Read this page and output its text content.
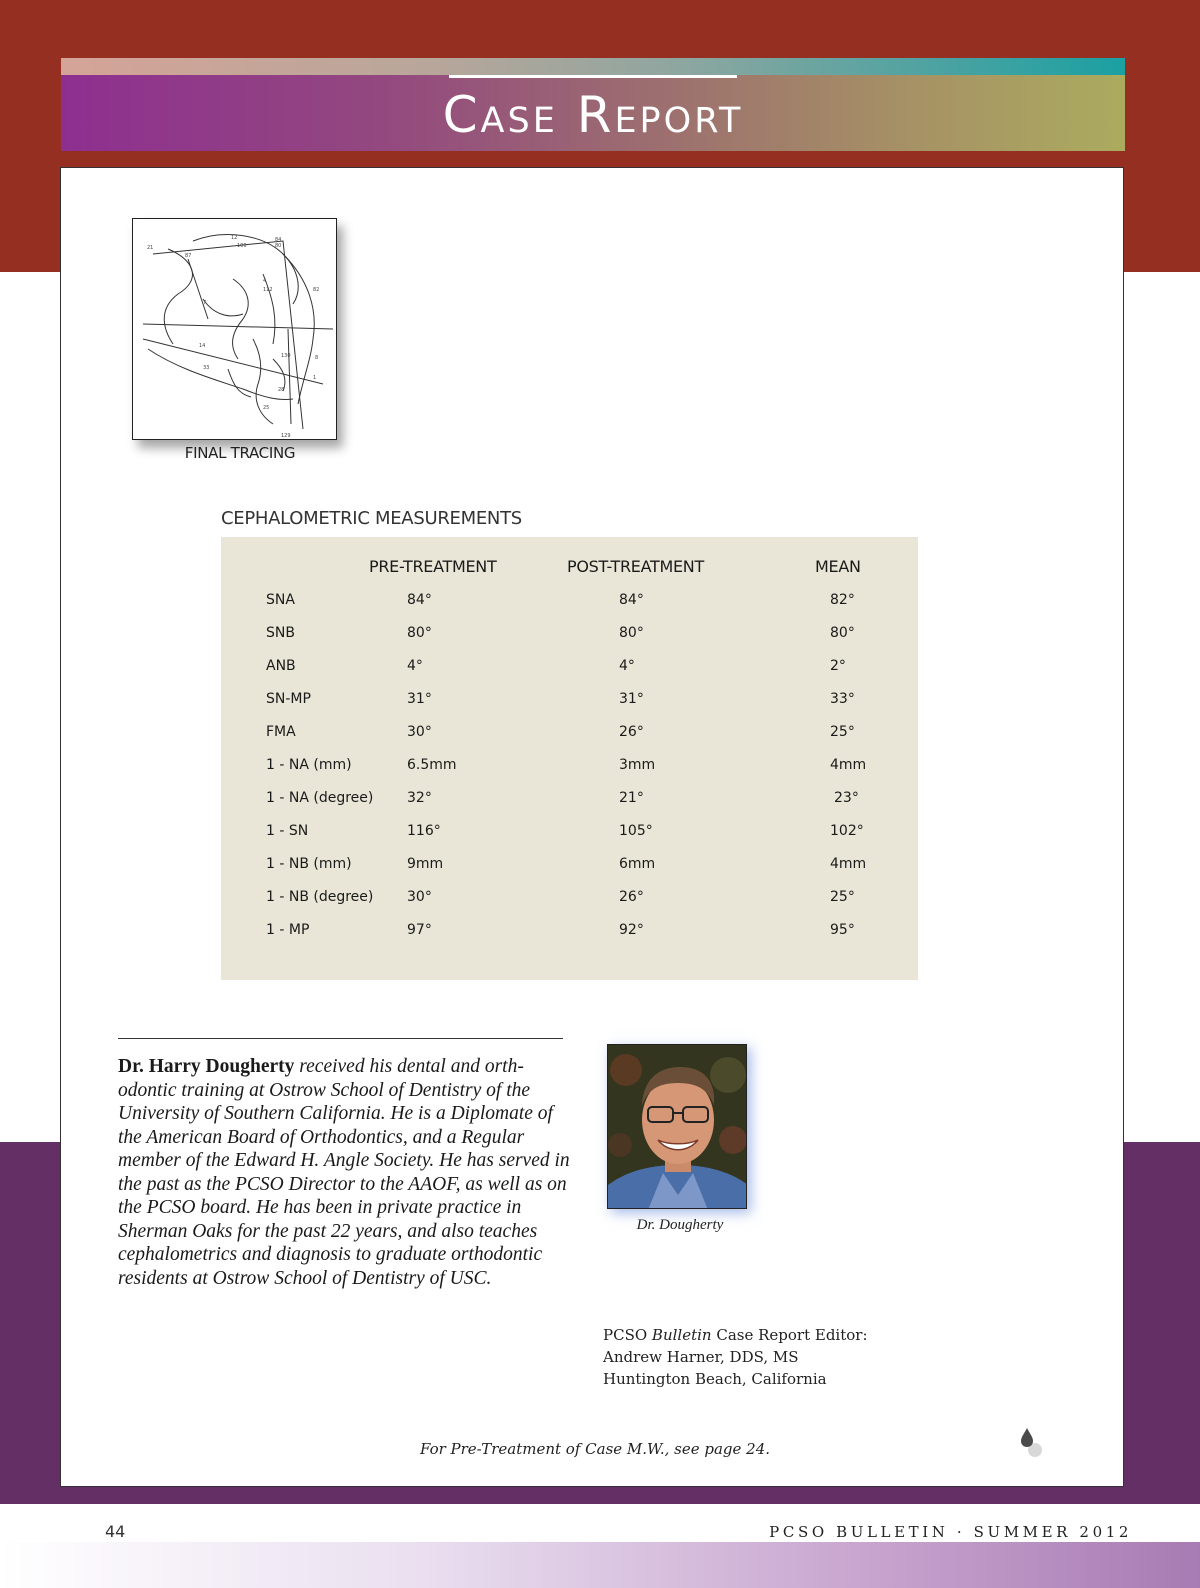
Case Report
21
87
12
106
84
80
4
112	82
7
14
33
130	8
28
25
129
1
FINAL TRACING
CEPHALOMETRIC MEASUREMENTS
PRE-TREATMENT	POST-TREATMENT	MEAN
SNA	84°	84°	82°
SNB	80°	80°	80°
ANB	4°	4°	2°
SN-MP	31°	31°	33°
FMA	30°	26°	25°
1 - NA (mm)	6.5mm	3mm	4mm
1 - NA (degree) 32°	21°	23°
1 - SN	116°	105°	102°
1 - NB (mm)	9mm	6mm	4mm
1 - NB (degree) 30°	26°	25°
1 - MP	97°	92°	95°
Dr. Harry Dougherty received his dental and orth-odontic training at Ostrow School of Dentistry of the University of Southern California. He is a Diplomate of the American Board of Orthodontics, and a Regular member of the Edward H. Angle Society. He has served in the past as the PCSO Director to the AAOF, as well as on the PCSO board. He has been in private practice in Sherman Oaks for the past 22 years, and also teaches cephalometrics and diagnosis to graduate orthodontic residents at Ostrow School of Dentistry of USC.
Dr. Dougherty
PCSO Bulletin Case Report Editor:
Andrew Harner, DDS, MS
Huntington Beach, California
For Pre-Treatment of Case M.W., see page 24.
44	PCSO BULLETIN · SUMMER 2012
